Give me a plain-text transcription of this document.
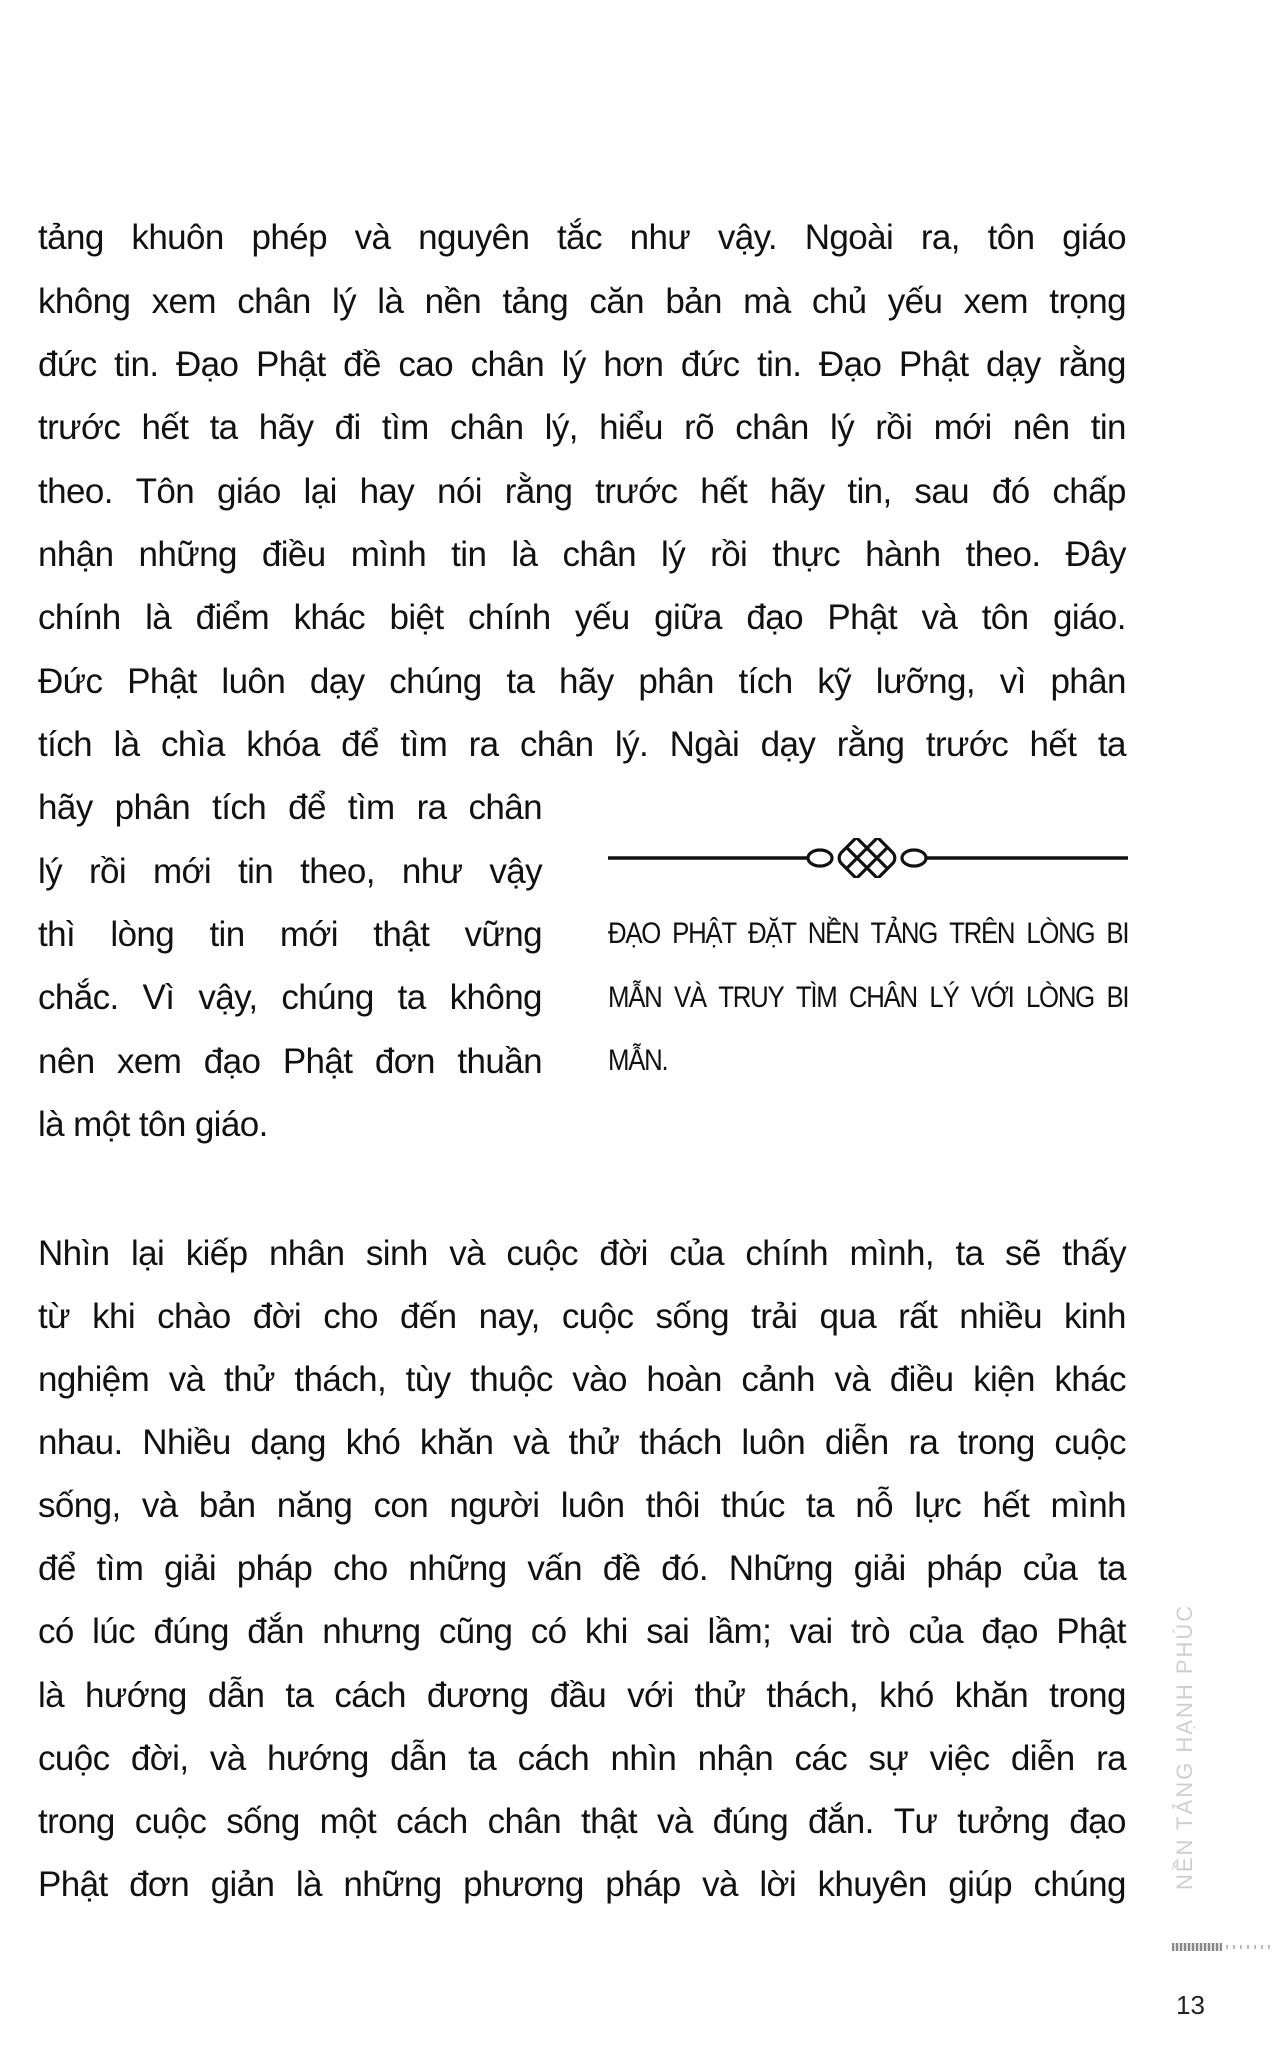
tảng khuôn phép và nguyên tắc như vậy. Ngoài ra, tôn giáo
không xem chân lý là nền tảng căn bản mà chủ yếu xem trọng
đức tin. Đạo Phật đề cao chân lý hơn đức tin. Đạo Phật dạy rằng
trước hết ta hãy đi tìm chân lý, hiểu rõ chân lý rồi mới nên tin
theo. Tôn giáo lại hay nói rằng trước hết hãy tin, sau đó chấp
nhận những điều mình tin là chân lý rồi thực hành theo. Đây
chính là điểm khác biệt chính yếu giữa đạo Phật và tôn giáo.
Đức Phật luôn dạy chúng ta hãy phân tích kỹ lưỡng, vì phân
tích là chìa khóa để tìm ra chân lý. Ngài dạy rằng trước hết ta
hãy phân tích để tìm ra chân
lý rồi mới tin theo, như vậy
thì lòng tin mới thật vững
chắc. Vì vậy, chúng ta không
nên xem đạo Phật đơn thuần
là một tôn giáo.
ĐẠO PHẬT ĐẶT NỀN TẢNG TRÊN LÒNG BI
MẪN VÀ TRUY TÌM CHÂN LÝ VỚI LÒNG BI
MẪN.
Nhìn lại kiếp nhân sinh và cuộc đời của chính mình, ta sẽ thấy
từ khi chào đời cho đến nay, cuộc sống trải qua rất nhiều kinh
nghiệm và thử thách, tùy thuộc vào hoàn cảnh và điều kiện khác
nhau. Nhiều dạng khó khăn và thử thách luôn diễn ra trong cuộc
sống, và bản năng con người luôn thôi thúc ta nỗ lực hết mình
để tìm giải pháp cho những vấn đề đó. Những giải pháp của ta
có lúc đúng đắn nhưng cũng có khi sai lầm; vai trò của đạo Phật
là hướng dẫn ta cách đương đầu với thử thách, khó khăn trong
cuộc đời, và hướng dẫn ta cách nhìn nhận các sự việc diễn ra
trong cuộc sống một cách chân thật và đúng đắn. Tư tưởng đạo
Phật đơn giản là những phương pháp và lời khuyên giúp chúng NỀN TẢNG HẠNH PHÚC
13
